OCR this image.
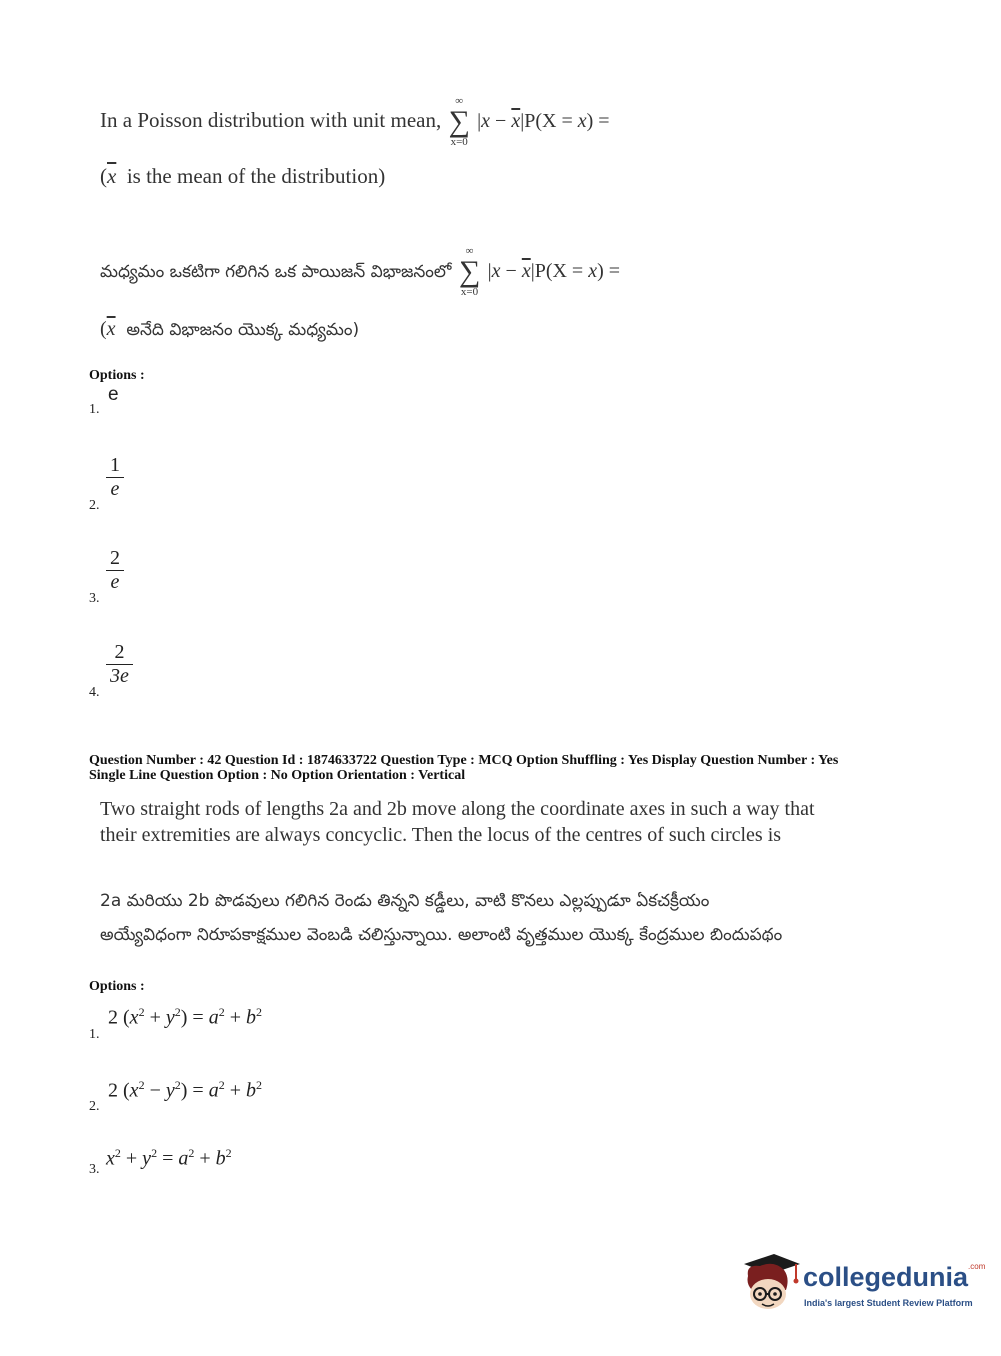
In a Poisson distribution with unit mean,
∞
∑
x=0
$|x - \overline{x}|P(X = x)$ =
($\overline{x}$ is the mean of the distribution)
మధ్యమం ఒకటిగా గలిగిన ఒక పాయిజన్ విభాజనంలో
∞
∑
x=0
$|x - \overline{x}|P(X = x)$ =
($\overline{x}$ అనేది విభాజనం యొక్క మధ్యమం)
Options :
1.
e
2.
$\frac{1}{e}$
3.
$\frac{2}{e}$
4.
$\frac{2}{3e}$
Question Number : 42 Question Id : 1874633722 Question Type : MCQ Option Shuffling : Yes Display Question Number : Yes
Single Line Question Option : No Option Orientation : Vertical
Two straight rods of lengths 2a and 2b move along the coordinate axes in such a way that
their extremities are always concyclic. Then the locus of the centres of such circles is
2a మరియు 2b పొడవులు గలిగిన రెండు తిన్నని కడ్డీలు, వాటి కొనలు ఎల్లప్పుడూ ఏకచక్రీయం
అయ్యేవిధంగా నిరూపకాక్షముల వెంబడి చలిస్తున్నాయి. అలాంటి వృత్తముల యొక్క కేంద్రముల బిందుపథం
Options :
1.
2 $(x^2 + y^2) = a^2 + b^2$
2.
2 $(x^2 - y^2) = a^2 + b^2$
3. $x^2 + y^2 = a^2 + b^2$
collegedunia$^{.com}$
India's largest Student Review Platform
